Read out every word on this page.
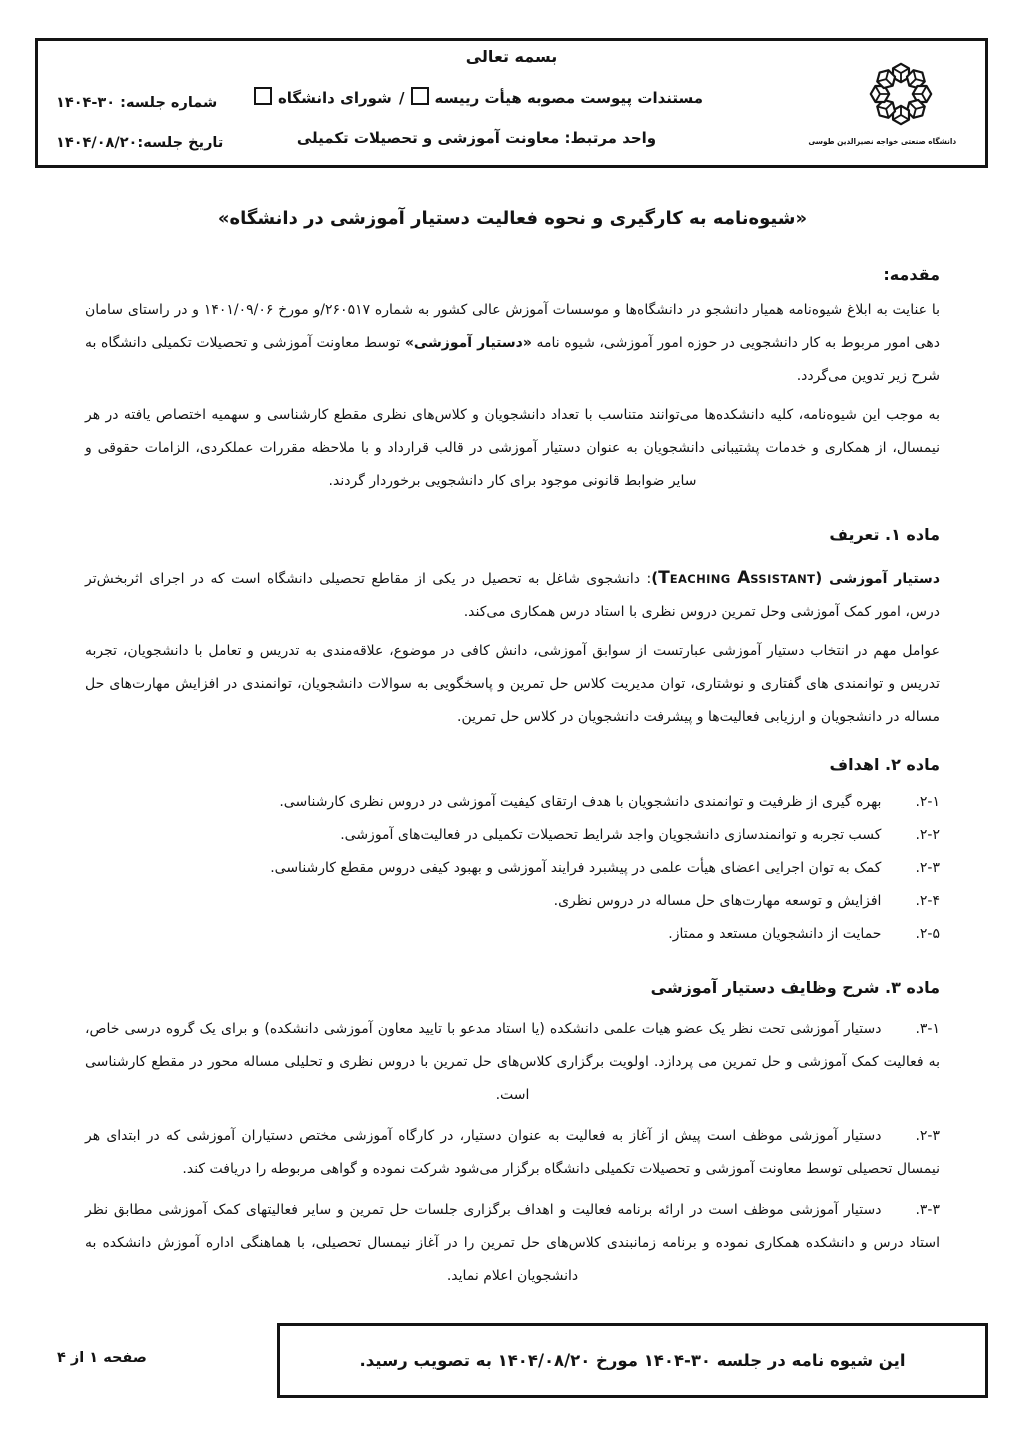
بسمه تعالی
مستندات پیوست مصوبه هیأت رییسه/ شورای دانشگاه
واحد مرتبط: معاونت آموزشی و تحصیلات تکمیلی
شماره جلسه: ۱۴۰۴-۳۰
تاریخ جلسه:۱۴۰۴/۰۸/۲۰	دانشگاه صنعتی خواجه نصیرالدین طوسی
«شیوه‌نامه به کارگیری و نحوه فعالیت دستیار آموزشی در دانشگاه»
مقدمه:

با عنایت به ابلاغ شیوه‌نامه همیار دانشجو در دانشگاه‌ها و موسسات آموزش عالی کشور به شماره ۲۶۰۵۱۷/و مورخ ۱۴۰۱/۰۹/۰۶ و در راستای سامان دهی امور مربوط به کار دانشجویی در حوزه امور آموزشی، شیوه نامه «دستیار آموزشی» توسط معاونت آموزشی و تحصیلات تکمیلی دانشگاه به شرح زیر تدوین می‌گردد.

به موجب این شیوه‌نامه، کلیه دانشکده‌ها می‌توانند متناسب با تعداد دانشجویان و کلاس‌های نظری مقطع کارشناسی و سهمیه اختصاص یافته در هر نیمسال، از همکاری و خدمات پشتیبانی دانشجویان به عنوان دستیار آموزشی در قالب قرارداد و با ملاحظه مقررات عملکردی، الزامات حقوقی و سایر ضوابط قانونی موجود برای کار دانشجویی برخوردار گردند.

ماده ۱. تعریف

دستیار آموزشی (TEACHING ASSISTANT): دانشجوی شاغل به تحصیل در یکی از مقاطع تحصیلی دانشگاه است که در اجرای اثربخش‌تر درس، امور کمک آموزشی وحل تمرین دروس نظری با استاد درس همکاری می‌کند.

عوامل مهم در انتخاب دستیار آموزشی عبارتست از سوابق آموزشی، دانش کافی در موضوع، علاقه‌مندی به تدریس و تعامل با دانشجویان، تجربه تدریس و توانمندی های گفتاری و نوشتاری، توان مدیریت کلاس حل تمرین و پاسخگویی به سوالات دانشجویان، توانمندی در افزایش مهارت‌های حل مساله در دانشجویان و ارزیابی فعالیت‌ها و پیشرفت دانشجویان در کلاس حل تمرین.

ماده ۲. اهداف

.۲-۱بهره گیری از ظرفیت و توانمندی دانشجویان با هدف ارتقای کیفیت آموزشی در دروس نظری کارشناسی.

.۲-۲کسب تجربه و توانمندسازی دانشجویان واجد شرایط تحصیلات تکمیلی در فعالیت‌های آموزشی.

.۲-۳کمک به توان اجرایی اعضای هیأت علمی در پیشبرد فرایند آموزشی و بهبود کیفی دروس مقطع کارشناسی.

.۲-۴افزایش و توسعه مهارت‌های حل مساله در دروس نظری.

.۲-۵حمایت از دانشجویان مستعد و ممتاز.

ماده ۳. شرح وظایف دستیار آموزشی

.۳-۱دستیار آموزشی تحت نظر یک عضو هیات علمی دانشکده (یا استاد مدعو با تایید معاون آموزشی دانشکده) و برای یک گروه درسی خاص، به فعالیت کمک آموزشی و حل تمرین می پردازد. اولویت برگزاری کلاس‌های حل تمرین با دروس نظری و تحلیلی مساله محور در مقطع کارشناسی است.

.۲-۳دستیار آموزشی موظف است پیش از آغاز به فعالیت به عنوان دستیار، در کارگاه آموزشی مختص دستیاران آموزشی که در ابتدای هر نیمسال تحصیلی توسط معاونت آموزشی و تحصیلات تکمیلی دانشگاه برگزار می‌شود شرکت نموده و گواهی مربوطه را دریافت کند.

.۳-۳دستیار آموزشی موظف است در ارائه برنامه فعالیت و اهداف برگزاری جلسات حل تمرین و سایر فعالیتهای کمک آموزشی مطابق نظر استاد درس و دانشکده همکاری نموده و برنامه زمانبندی کلاس‌های حل تمرین را در آغاز نیمسال تحصیلی، با هماهنگی اداره آموزش دانشکده به دانشجویان اعلام نماید.

این شیوه نامه در جلسه ۱۴۰۴-۳۰ مورخ ۱۴۰۴/۰۸/۲۰ به تصویب رسید.
صفحه ۱ از ۴
